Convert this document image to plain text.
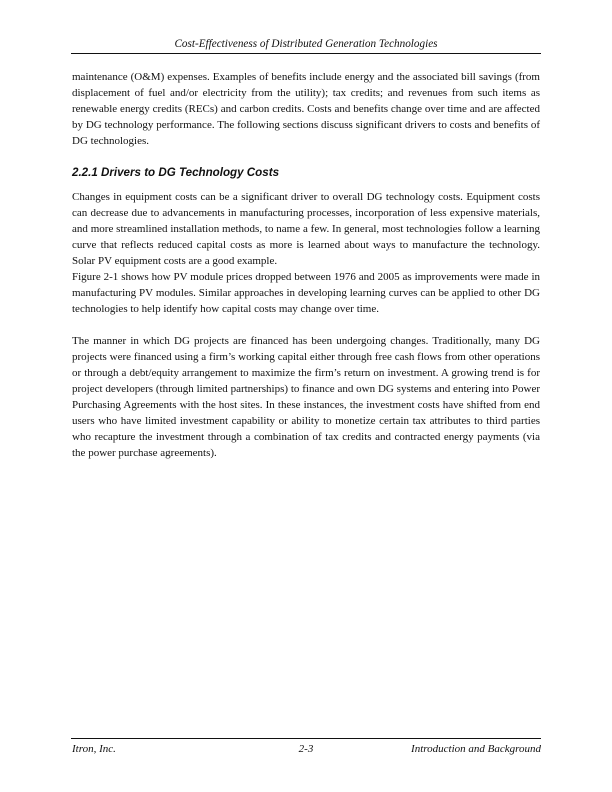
Cost-Effectiveness of Distributed Generation Technologies

maintenance (O&M) expenses. Examples of benefits include energy and the associated bill savings (from displacement of fuel and/or electricity from the utility); tax credits; and revenues from such items as renewable energy credits (RECs) and carbon credits. Costs and benefits change over time and are affected by DG technology performance. The following sections discuss significant drivers to costs and benefits of DG technologies.

2.2.1 Drivers to DG Technology Costs

Changes in equipment costs can be a significant driver to overall DG technology costs. Equipment costs can decrease due to advancements in manufacturing processes, incorporation of less expensive materials, and more streamlined installation methods, to name a few. In general, most technologies follow a learning curve that reflects reduced capital costs as more is learned about ways to manufacture the technology. Solar PV equipment costs are a good example.

Figure 2-1 shows how PV module prices dropped between 1976 and 2005 as improvements were made in manufacturing PV modules. Similar approaches in developing learning curves can be applied to other DG technologies to help identify how capital costs may change over time.

The manner in which DG projects are financed has been undergoing changes. Traditionally, many DG projects were financed using a firm’s working capital either through free cash flows from other operations or through a debt/equity arrangement to maximize the firm’s return on investment. A growing trend is for project developers (through limited partnerships) to finance and own DG systems and entering into Power Purchasing Agreements with the host sites. In these instances, the investment costs have shifted from end users who have limited investment capability or ability to monetize certain tax attributes to third parties who recapture the investment through a combination of tax credits and contracted energy payments (via the power purchase agreements).

Itron, Inc.	2-3	Introduction and Background
